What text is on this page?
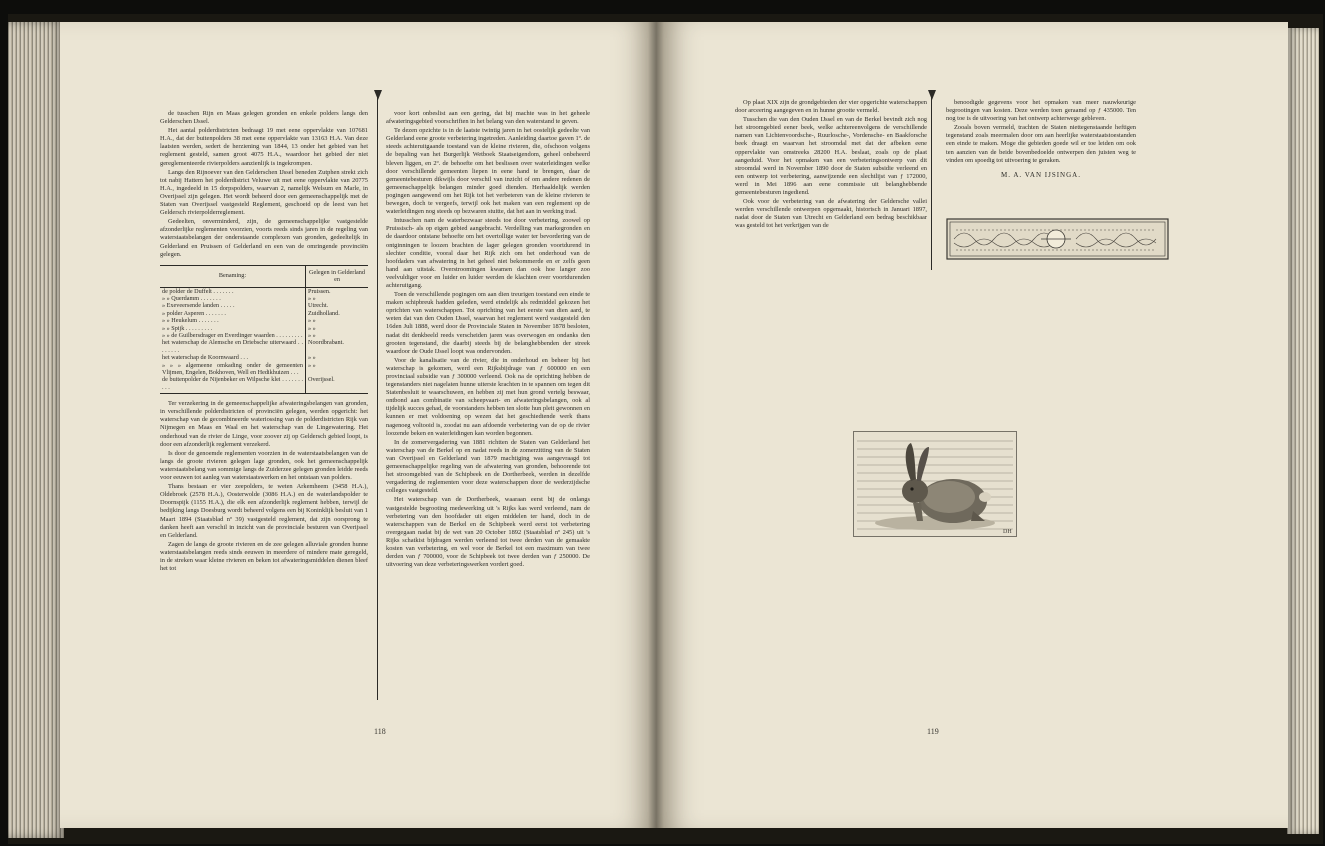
de tusschen Rijn en Maas gelegen gronden en enkele polders langs den Gelderschen IJssel.

Het aantal polderdistricten bedraagt 19 met eene oppervlakte van 107681 H.A., dat der buitenpolders 38 met eene oppervlakte van 13163 H.A. Van deze laatsten werden, sedert de herziening van 1844, 13 onder het gebied van het reglement gesteld, samen groot 4075 H.A., waardoor het gebied der niet gereglementeerde rivierpolders aanzienlijk is ingekrompen.

Langs den Rijnoever van den Gelderschen IJssel beneden Zutphen strekt zich tot nabij Hattem het polderdistrict Veluwe uit met eene oppervlakte van 20775 H.A., ingedeeld in 15 dorpspolders, waarvan 2, namelijk Welsum en Marle, in Overijssel zijn gelegen. Het wordt beheerd door een gemeenschappelijk met de Staten van Overijssel vastgesteld Reglement, geschoeid op de leest van het Geldersch rivierpolderreglement.

Gedeelten, onverminderd, zijn, de gemeenschappelijke vastgestelde afzonderlijke reglementen voorzien, voorts reeds sinds jaren in de regeling van waterstaatsbelangen der onderstaande complexen van gronden, gedeeltelijk in Gelderland en Pruissen of Gelderland en een van de omringende provinciën gelegen.

Benaming:	Gelegen in Gelderland en
de polder de Duffelt . . . . . . .	Pruissen.
» » Querdamm . . . . . . .	» »
» Exeveersende landen . . . . .	Utrecht.
» polder Asperen . . . . . . .	Zuidholland.
» » Heukelum . . . . . . .	» »
» » Spijk . . . . . . . . .	» »
» » de Guilbersdrager en Everdinger waarden . . . . . . . . .	» »
het waterschap de Alemsche en Driebsche uiterwaard . . . . . . . .	Noordbrabant.
het waterschap de Koornwaard . . .	» »
» » » algemeene omkading onder de gemeenten Vlijmen, Engelen, Bokhoven, Well en Hedikhuizen . . .	» »
de buitenpolder de Nijenbeker en Wilpsche klei . . . . . . . . . .	Overijssel.

Ter verzekering in de gemeenschappelijke afwateringsbelangen van gronden, in verschillende polderdistricten of provinciën gelegen, werden opgericht: het waterschap van de gecombineerde wateriossing van de polderdistricten Rijk van Nijmegen en Maas en Waal en het waterschap van de Lingewatering. Het onderhoud van de rivier de Linge, voor zoover zij op Geldersch gebied loopt, is door een afzonderlijk reglement verzekerd.

Is door de genoemde reglementen voorzien in de waterstaatsbelangen van de langs de groote rivieren gelegen lage gronden, ook het gemeenschappelijk waterstaatsbelang van sommige langs de Zuiderzee gelegen gronden leidde reeds voor eeuwen tot aanleg van waterstaatswerken en het ontstaan van polders.

Thans bestaan er vier zeepolders, te weten Arkemheem (3458 H.A.), Oldebroek (2578 H.A.), Oosterwolde (3086 H.A.) en de waterlandspolder te Doornspijk (1155 H.A.), die elk een afzonderlijk reglement hebben, terwijl de bedijking langs Doesburg wordt beheerd volgens een bij Koninklijk besluit van 1 Maart 1894 (Staatsblad nº 39) vastgesteld reglement, dat zijn oorsprong te danken heeft aan verschil in inzicht van de provinciale besturen van Overijssel en Gelderland.

Zagen de langs de groote rivieren en de zee gelegen alluviale gronden hunne waterstaatsbelangen reeds sinds eeuwen in meerdere of mindere mate geregeld, in de streken waar kleine rivieren en beken tot afwateringsmiddelen dienen bleef het tot

voor kort onbeslist aan een gering, dat bij machte was in het geheele afwateringsgebied voorschriften in het belang van den waterstand te geven.

Te dezen opzichte is in de laatste twintig jaren in het oostelijk gedeelte van Gelderland eene groote verbetering ingetreden. Aanleiding daartoe gaven 1º. de steeds achteruitgaande toestand van de kleine rivieren, die, ofschoon volgens de bepaling van het Burgerlijk Wetboek Staatseigendom, geheel onbeheerd bleven liggen, en 2º. de behoefte om het beslissen over waterleidingen welke door verschillende gemeenten liepen in eene hand te brengen, daar de gemeentebesturen dikwijls door verschil van inzicht of om andere redenen de gemeenschappelijk belangen minder goed dienden. Herhaaldelijk werden pogingen aangewend om het Rijk tot het verbeteren van de kleine rivieren te bewegen, doch te vergeefs, terwijl ook het maken van een reglement op de waterleidingen nog steeds op bezwaren stuitte, dat het aan in werking trad.

Intusschen nam de waterbezwaar steeds toe door verbetering, zoowel op Pruissisch- als op eigen gebied aangebracht. Verdelling van markegronden en de daardoor ontstane behoefte om het overtollige water ter bevordering van de ontginningen te loozen brachten de lager gelegen gronden voortdurend in slechter conditie, vooral daar het Rijk zich om het onderhoud van de hoofdaders van afwatering in het geheel niet bekommerde en er zelfs geen hand aan uitstak. Overstroomingen kwamen dan ook hoe langer zoo veelvuldiger voor en luider en luider werden de klachten over voortdurenden achteruitgang.

Toen de verschillende pogingen om aan dien treurigen toestand een einde te maken schipbreuk hadden geleden, werd eindelijk als redmiddel gekozen het oprichten van waterschappen. Tot oprichting van het eerste van dien aard, te weten dat van den Ouden IJssel, waarvan het reglement werd vastgesteld den 16den Juli 1888, werd door de Provinciale Staten in November 1878 besloten, nadat dit denkbeeld reeds verscheiden jaren was overwogen en ondanks den grooten tegenstand, die daarbij steeds bij de belanghebbenden der streek waardoor de Oude IJssel loopt was ondervonden.

Voor de kanalisatie van de rivier, die in onderhoud en beheer bij het waterschap is gekomen, werd een Rijksbijdrage van ƒ 600000 en een provinciaal subsidie van ƒ 300000 verleend. Ook na de oprichting hebben de tegenstanders niet nagelaten hunne uiterste krachten in te spannen om tegen dit Statenbesluit te waarschuwen, en hebben zij met hun grond vertelg beswaar, ontbond aan combinatie van scheepvaart- en afwateringsbelangen, ook al tijdelijk succes gehad, de voorstanders hebben ten slotte hun pleit gewonnen en kunnen er met voldoening op wezen dat het geschiedtende werk thans nagenoeg voltooid is, zoodat nu aan afdoende verbetering van de op de rivier loozende beken en waterleidingen kan worden begonnen.

In de zomervergadering van 1881 richtten de Staten van Gelderland het waterschap van de Berkel op en nadat reeds in de zomerzitting van de Staten van Overijssel en Gelderland van 1879 machtiging was aangevraagd tot gemeenschappelijke regeling van de afwatering van gronden, behoorende tot het stroomgebied van de Schipbeek en de Dortherbeek, werden in dezelfde vergadering de reglementen voor deze waterschappen door de wederzijdsche colleges vastgesteld.

Het waterschap van de Dortherbeek, waaraan eerst bij de onlangs vastgestelde begrooting medewerking uit 's Rijks kas werd verleend, nam de verbetering van den hoofdader uit eigen middelen ter hand, doch in de waterschappen van de Berkel en de Schipbeek werd eerst tot verbetering overgegaan nadat bij de wet van 20 October 1892 (Staatsblad nº 245) uit 's Rijks schatkist bijdragen werden verleend tot twee derden van de gemaakte kosten van verbetering, en wel voor de Berkel tot een maximum van twee derden van ƒ 700000, voor de Schipbeek tot twee derden van ƒ 250000. De uitvoering van deze verbeteringswerken vordert goed.

118

Op plaat XIX zijn de grondgebieden der vier opgerichte waterschappen door arceering aangegeven en in hunne grootte vermeld.

Tusschen die van den Ouden IJssel en van de Berkel bevindt zich nog het stroomgebied eener beek, welke achtereenvolgens de verschillende namen van Lichtenvoordsche-, Ruurlosche-, Vordensche- en Baakforsche beek draagt en waarvan het stroomdal met dat der afbeken eene oppervlakte van omstreeks 28200 H.A. beslaat, zoals op de plaat aangeduid. Voor het opmaken van een verbeteringsontwerp van dit stroomdal werd in November 1890 door de Staten subsidie verleend en een ontwerp tot verbetering, aanwijzende een slechtlijst van ƒ 172000, werd in Mei 1896 aan eene commissie uit belanghebbende gemeentebesturen ingediend.

Ook voor de verbetering van de afwatering der Geldersche vallei werden verschillende ontwerpen opgemaakt, historisch in Januari 1897, nadat door de Staten van Utrecht en Gelderland een bedrag beschikbaar was gesteld tot het verkrijgen van de

benoodigde gegevens voor het opmaken van meer nauwkeurige begrootingen van kosten. Deze werden toen geraamd op ƒ 435000. Ten nog toe is de uitvoering van het ontwerp achterwege gebleven.

Zooals boven vermeld, trachten de Staten niettegenstaande heftigen tegenstand zoals meermalen door om aan heerlijke waterstaatstoestanden een einde te maken. Moge die gebieden goede wil er toe leiden om ook ten aanzien van de beide bovenbedoelde ontwerpen den juisten weg te vinden om spoedig tot uitvoering te geraken.

M. A. VAN IJSINGA.
DH
119
